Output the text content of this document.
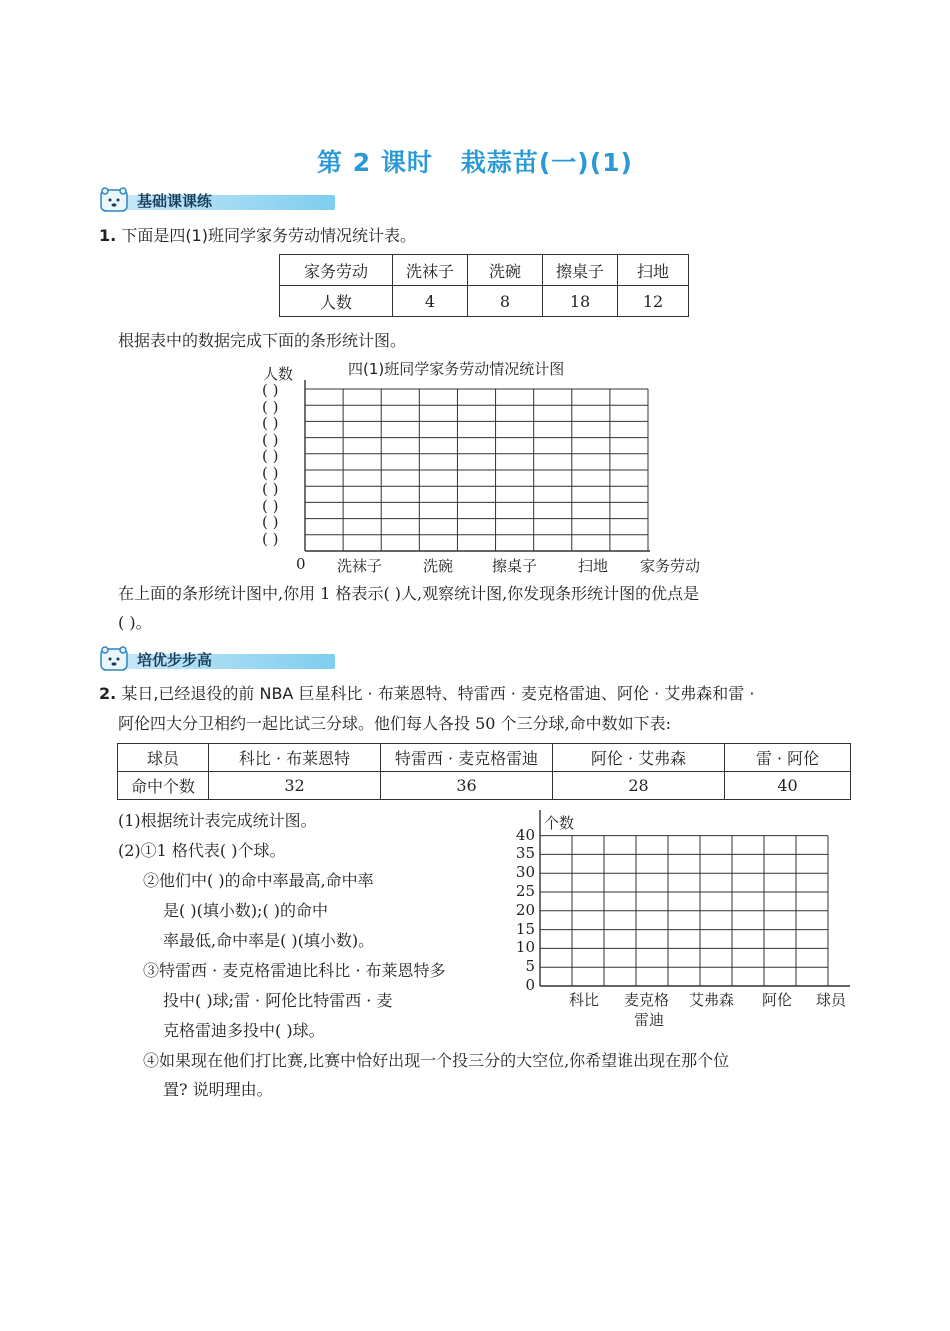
第 2 课时 栽蒜苗(一)(1)
基础课课练
1. 下面是四(1)班同学家务劳动情况统计表。
家务劳动	洗袜子	洗碗	擦桌子	扫地
人数	4	8	18	12
根据表中的数据完成下面的条形统计图。
四(1)班同学家务劳动情况统计图
人数
( )
( )
( )
( )
( )
( )
( )
( )
( )
( )
0 洗袜子	洗碗	擦桌子	扫地 家务劳动
在上面的条形统计图中,你用 1 格表示( )人,观察统计图,你发现条形统计图的优点是
( )。
培优步步高
2. 某日,已经退役的前 NBA 巨星科比 · 布莱恩特、特雷西 · 麦克格雷迪、阿伦 · 艾弗森和雷 ·
阿伦四大分卫相约一起比试三分球。他们每人各投 50 个三分球,命中数如下表:
球员	科比 · 布莱恩特	特雷西 · 麦克格雷迪	阿伦 · 艾弗森	雷 · 阿伦
命中个数	32	36	28	40
(1)根据统计表完成统计图。
(2)①1 格代表( )个球。
②他们中( )的命中率最高,命中率
是( )(填小数);( )的命中
率最低,命中率是( )(填小数)。
③特雷西 · 麦克格雷迪比科比 · 布莱恩特多
投中( )球;雷 · 阿伦比特雷西 · 麦
克格雷迪多投中( )球。
④如果现在他们打比赛,比赛中恰好出现一个投三分的大空位,你希望谁出现在那个位
置? 说明理由。
个数
0
5
10
15
20
25
30
35
40
科比 麦克格
雷迪
艾弗森 阿伦 球员
